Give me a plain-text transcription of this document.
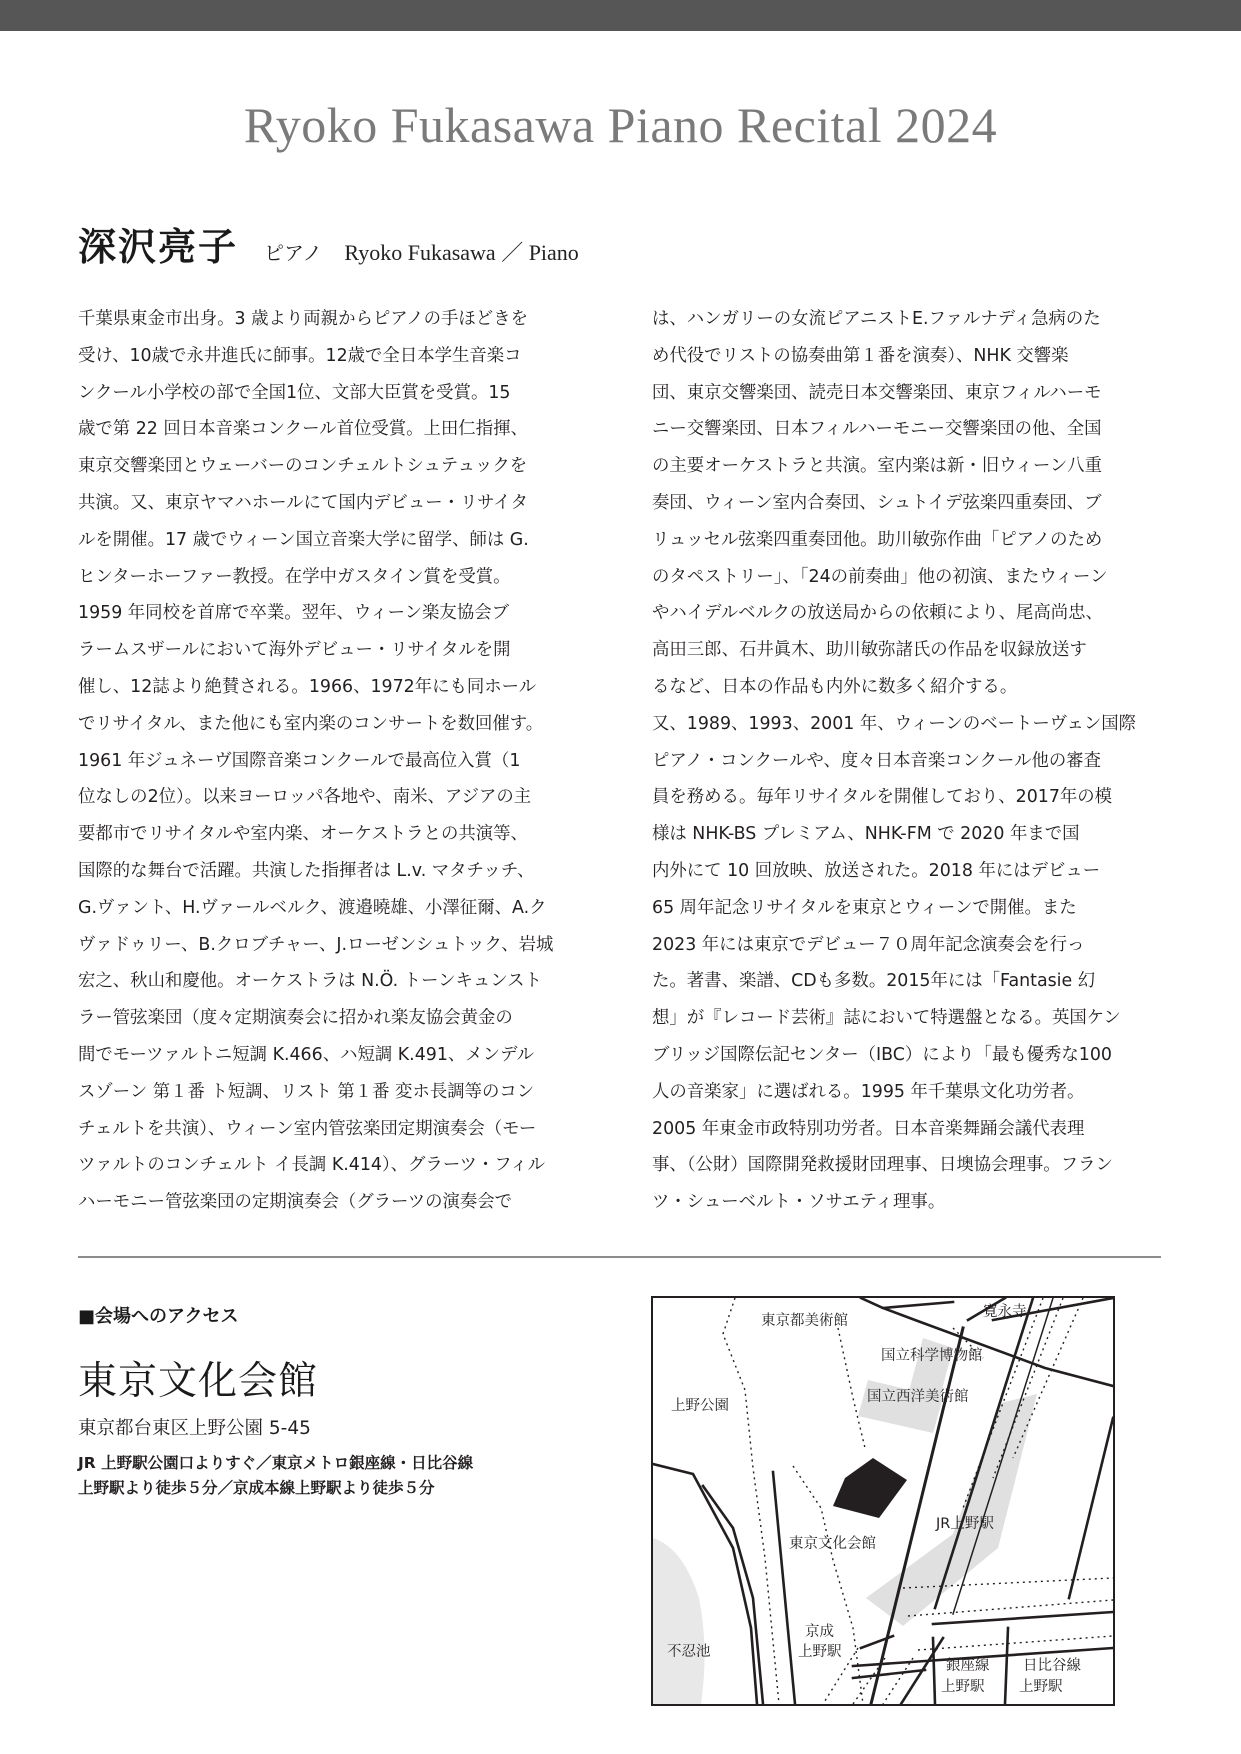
Ryoko Fukasawa Piano Recital 2024
深沢亮子 ピアノ Ryoko Fukasawa ／ Piano

千葉県東金市出身。3 歳より両親からピアノの手ほどきを

受け、10歳で永井進氏に師事。12歳で全日本学生音楽コ

ンクール小学校の部で全国1位、文部大臣賞を受賞。15

歳で第 22 回日本音楽コンクール首位受賞。上田仁指揮、

東京交響楽団とウェーバーのコンチェルトシュテュックを

共演。又、東京ヤマハホールにて国内デビュー・リサイタ

ルを開催。17 歳でウィーン国立音楽大学に留学、師は G.

ヒンターホーファー教授。在学中ガスタイン賞を受賞。

1959 年同校を首席で卒業。翌年、ウィーン楽友協会ブ

ラームスザールにおいて海外デビュー・リサイタルを開

催し、12誌より絶賛される。1966、1972年にも同ホール

でリサイタル、また他にも室内楽のコンサートを数回催す。

1961 年ジュネーヴ国際音楽コンクールで最高位入賞（1

位なしの2位）。以来ヨーロッパ各地や、南米、アジアの主

要都市でリサイタルや室内楽、オーケストラとの共演等、

国際的な舞台で活躍。共演した指揮者は L.v. マタチッチ、

G.ヴァント、H.ヴァールベルク、渡邉曉雄、小澤征爾、A.ク

ヴァドゥリー、B.クロブチャー、J.ローゼンシュトック、岩城

宏之、秋山和慶他。オーケストラは N.Ö. トーンキュンスト

ラー管弦楽団（度々定期演奏会に招かれ楽友協会黄金の

間でモーツァルトニ短調 K.466、ハ短調 K.491、メンデル

スゾーン 第１番 ト短調、リスト 第１番 変ホ長調等のコン

チェルトを共演）、ウィーン室内管弦楽団定期演奏会（モー

ツァルトのコンチェルト イ長調 K.414）、グラーツ・フィル

ハーモニー管弦楽団の定期演奏会（グラーツの演奏会で

は、ハンガリーの女流ピアニストE.ファルナディ急病のた

め代役でリストの協奏曲第１番を演奏）、NHK 交響楽

団、東京交響楽団、読売日本交響楽団、東京フィルハーモ

ニー交響楽団、日本フィルハーモニー交響楽団の他、全国

の主要オーケストラと共演。室内楽は新・旧ウィーン八重

奏団、ウィーン室内合奏団、シュトイデ弦楽四重奏団、ブ

リュッセル弦楽四重奏団他。助川敏弥作曲「ピアノのため

のタペストリー」、「24の前奏曲」他の初演、またウィーン

やハイデルベルクの放送局からの依頼により、尾高尚忠、

高田三郎、石井眞木、助川敏弥諸氏の作品を収録放送す

るなど、日本の作品も内外に数多く紹介する。

又、1989、1993、2001 年、ウィーンのベートーヴェン国際

ピアノ・コンクールや、度々日本音楽コンクール他の審査

員を務める。毎年リサイタルを開催しており、2017年の模

様は NHK-BS プレミアム、NHK-FM で 2020 年まで国

内外にて 10 回放映、放送された。2018 年にはデビュー

65 周年記念リサイタルを東京とウィーンで開催。また

2023 年には東京でデビュー７０周年記念演奏会を行っ

た。著書、楽譜、CDも多数。2015年には「Fantasie 幻

想」が『レコード芸術』誌において特選盤となる。英国ケン

ブリッジ国際伝記センター（IBC）により「最も優秀な100

人の音楽家」に選ばれる。1995 年千葉県文化功労者。

2005 年東金市政特別功労者。日本音楽舞踊会議代表理

事、（公財）国際開発救援財団理事、日墺協会理事。フラン

ツ・シューベルト・ソサエティ理事。

■会場へのアクセス
東京文化会館
東京都台東区上野公園 5-45
JR 上野駅公園口よりすぐ／東京メトロ銀座線・日比谷線
上野駅より徒歩５分／京成本線上野駅より徒歩５分
東京都美術館
寛永寺
国立科学博物館
国立西洋美術館
上野公園
東京文化会館
JR上野駅
京成
上野駅
不忍池
銀座線
上野駅
日比谷線
上野駅
